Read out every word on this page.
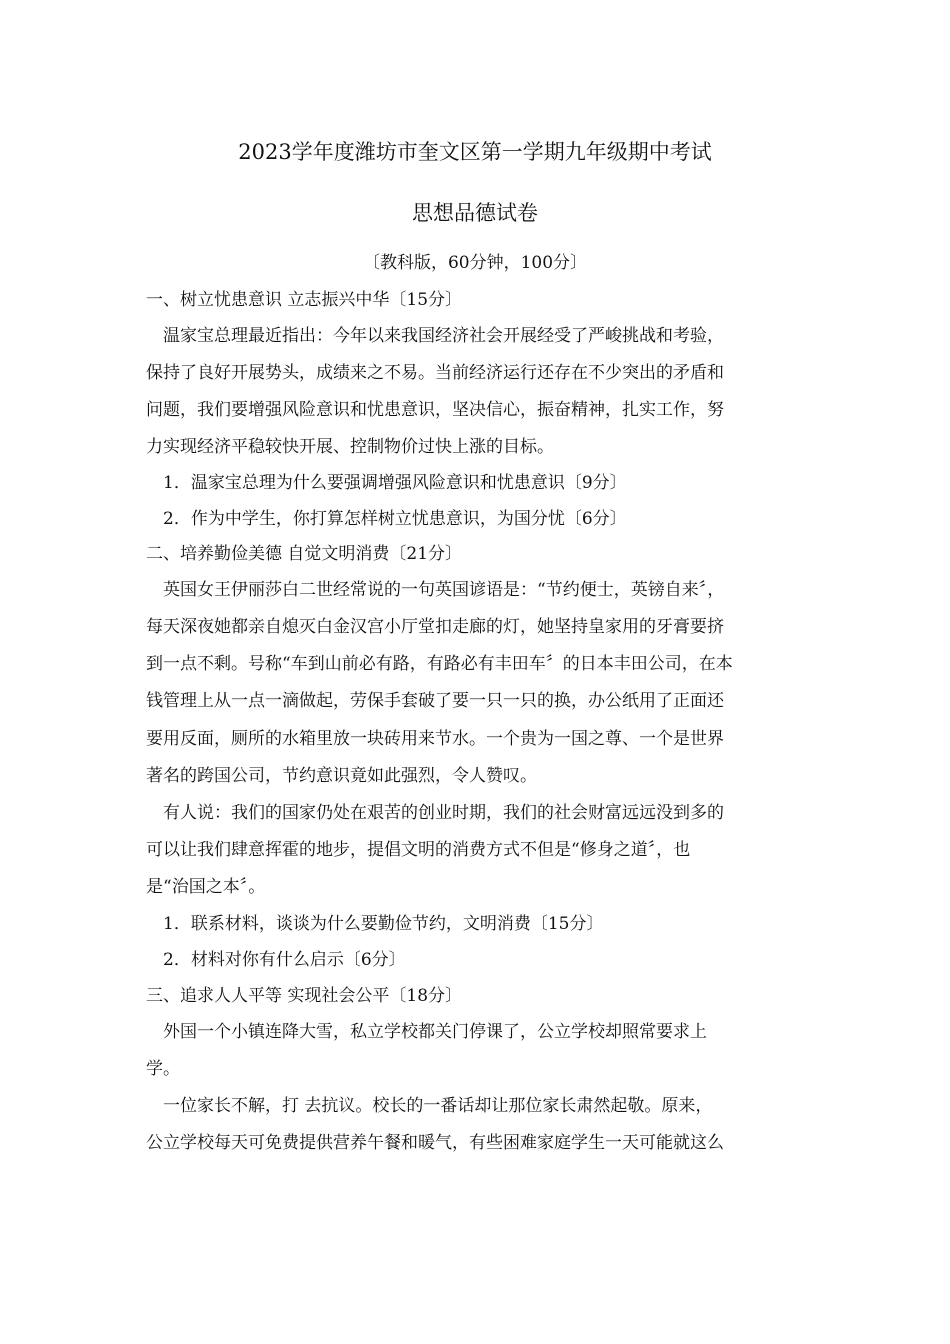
2023学年度潍坊市奎文区第一学期九年级期中考试
思想品德试卷
〔教科版，60分钟，100分〕
一、树立忧患意识 立志振兴中华〔15分〕
温家宝总理最近指出：今年以来我国经济社会开展经受了严峻挑战和考验，
保持了良好开展势头，成绩来之不易。当前经济运行还存在不少突出的矛盾和
问题，我们要增强风险意识和忧患意识，坚决信心，振奋精神，扎实工作，努
力实现经济平稳较快开展、控制物价过快上涨的目标。
1．温家宝总理为什么要强调增强风险意识和忧患意识〔9分〕
2．作为中学生，你打算怎样树立忧患意识，为国分忧〔6分〕
二、培养勤俭美德 自觉文明消费〔21分〕
英国女王伊丽莎白二世经常说的一句英国谚语是：“节约便士，英镑自来〞，
每天深夜她都亲自熄灭白金汉宫小厅堂扣走廊的灯，她坚持皇家用的牙膏要挤
到一点不剩。号称“车到山前必有路，有路必有丰田车〞的日本丰田公司，在本
钱管理上从一点一滴做起，劳保手套破了要一只一只的换，办公纸用了正面还
要用反面，厕所的水箱里放一块砖用来节水。一个贵为一国之尊、一个是世界
著名的跨国公司，节约意识竟如此强烈，令人赞叹。
有人说：我们的国家仍处在艰苦的创业时期，我们的社会财富远远没到多的
可以让我们肆意挥霍的地步，提倡文明的消费方式不但是“修身之道〞，也
是“治国之本〞。
1．联系材料，谈谈为什么要勤俭节约，文明消费〔15分〕
2．材料对你有什么启示〔6分〕
三、追求人人平等 实现社会公平〔18分〕
外国一个小镇连降大雪，私立学校都关门停课了，公立学校却照常要求上
学。
一位家长不解，打 去抗议。校长的一番话却让那位家长肃然起敬。原来，
公立学校每天可免费提供营养午餐和暖气，有些困难家庭学生一天可能就这么
